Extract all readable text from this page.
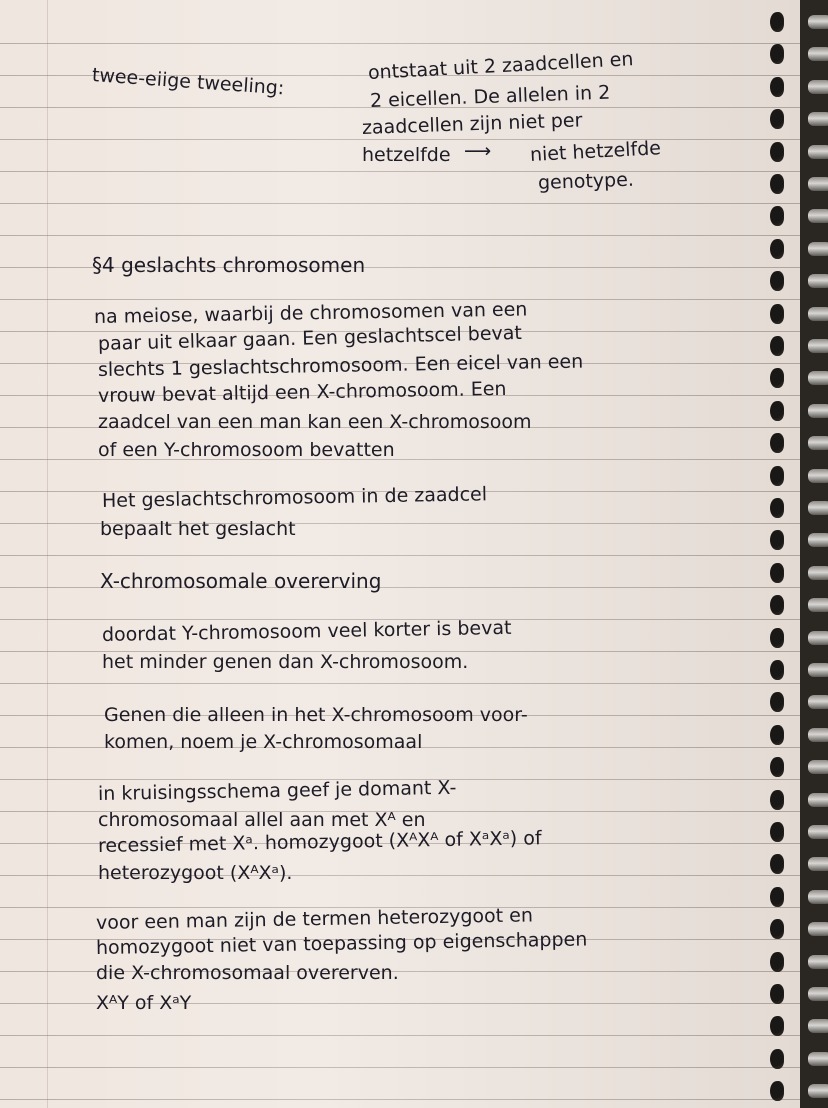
twee-eiige tweeling:	ontstaat uit 2 zaadcellen en
2 eicellen. De allelen in 2
zaadcellen zijn niet per
hetzelfde ⟶ niet hetzelfde
genotype.
§4 geslachts chromosomen
na meiose, waarbij de chromosomen van een
paar uit elkaar gaan. Een geslachtscel bevat
slechts 1 geslachtschromosoom. Een eicel van een
vrouw bevat altijd een X-chromosoom. Een
zaadcel van een man kan een X-chromosoom
of een Y-chromosoom bevatten
Het geslachtschromosoom in de zaadcel
bepaalt het geslacht
X-chromosomale overerving
doordat Y-chromosoom veel korter is bevat
het minder genen dan X-chromosoom.
Genen die alleen in het X-chromosoom voor-
komen, noem je X-chromosomaal
in kruisingsschema geef je domant X-
chromosomaal allel aan met Xᴬ en
recessief met Xᵃ. homozygoot (XᴬXᴬ of XᵃXᵃ) of
heterozygoot (XᴬXᵃ).
voor een man zijn de termen heterozygoot en
homozygoot niet van toepassing op eigenschappen
die X-chromosomaal overerven.
XᴬY of XᵃY
